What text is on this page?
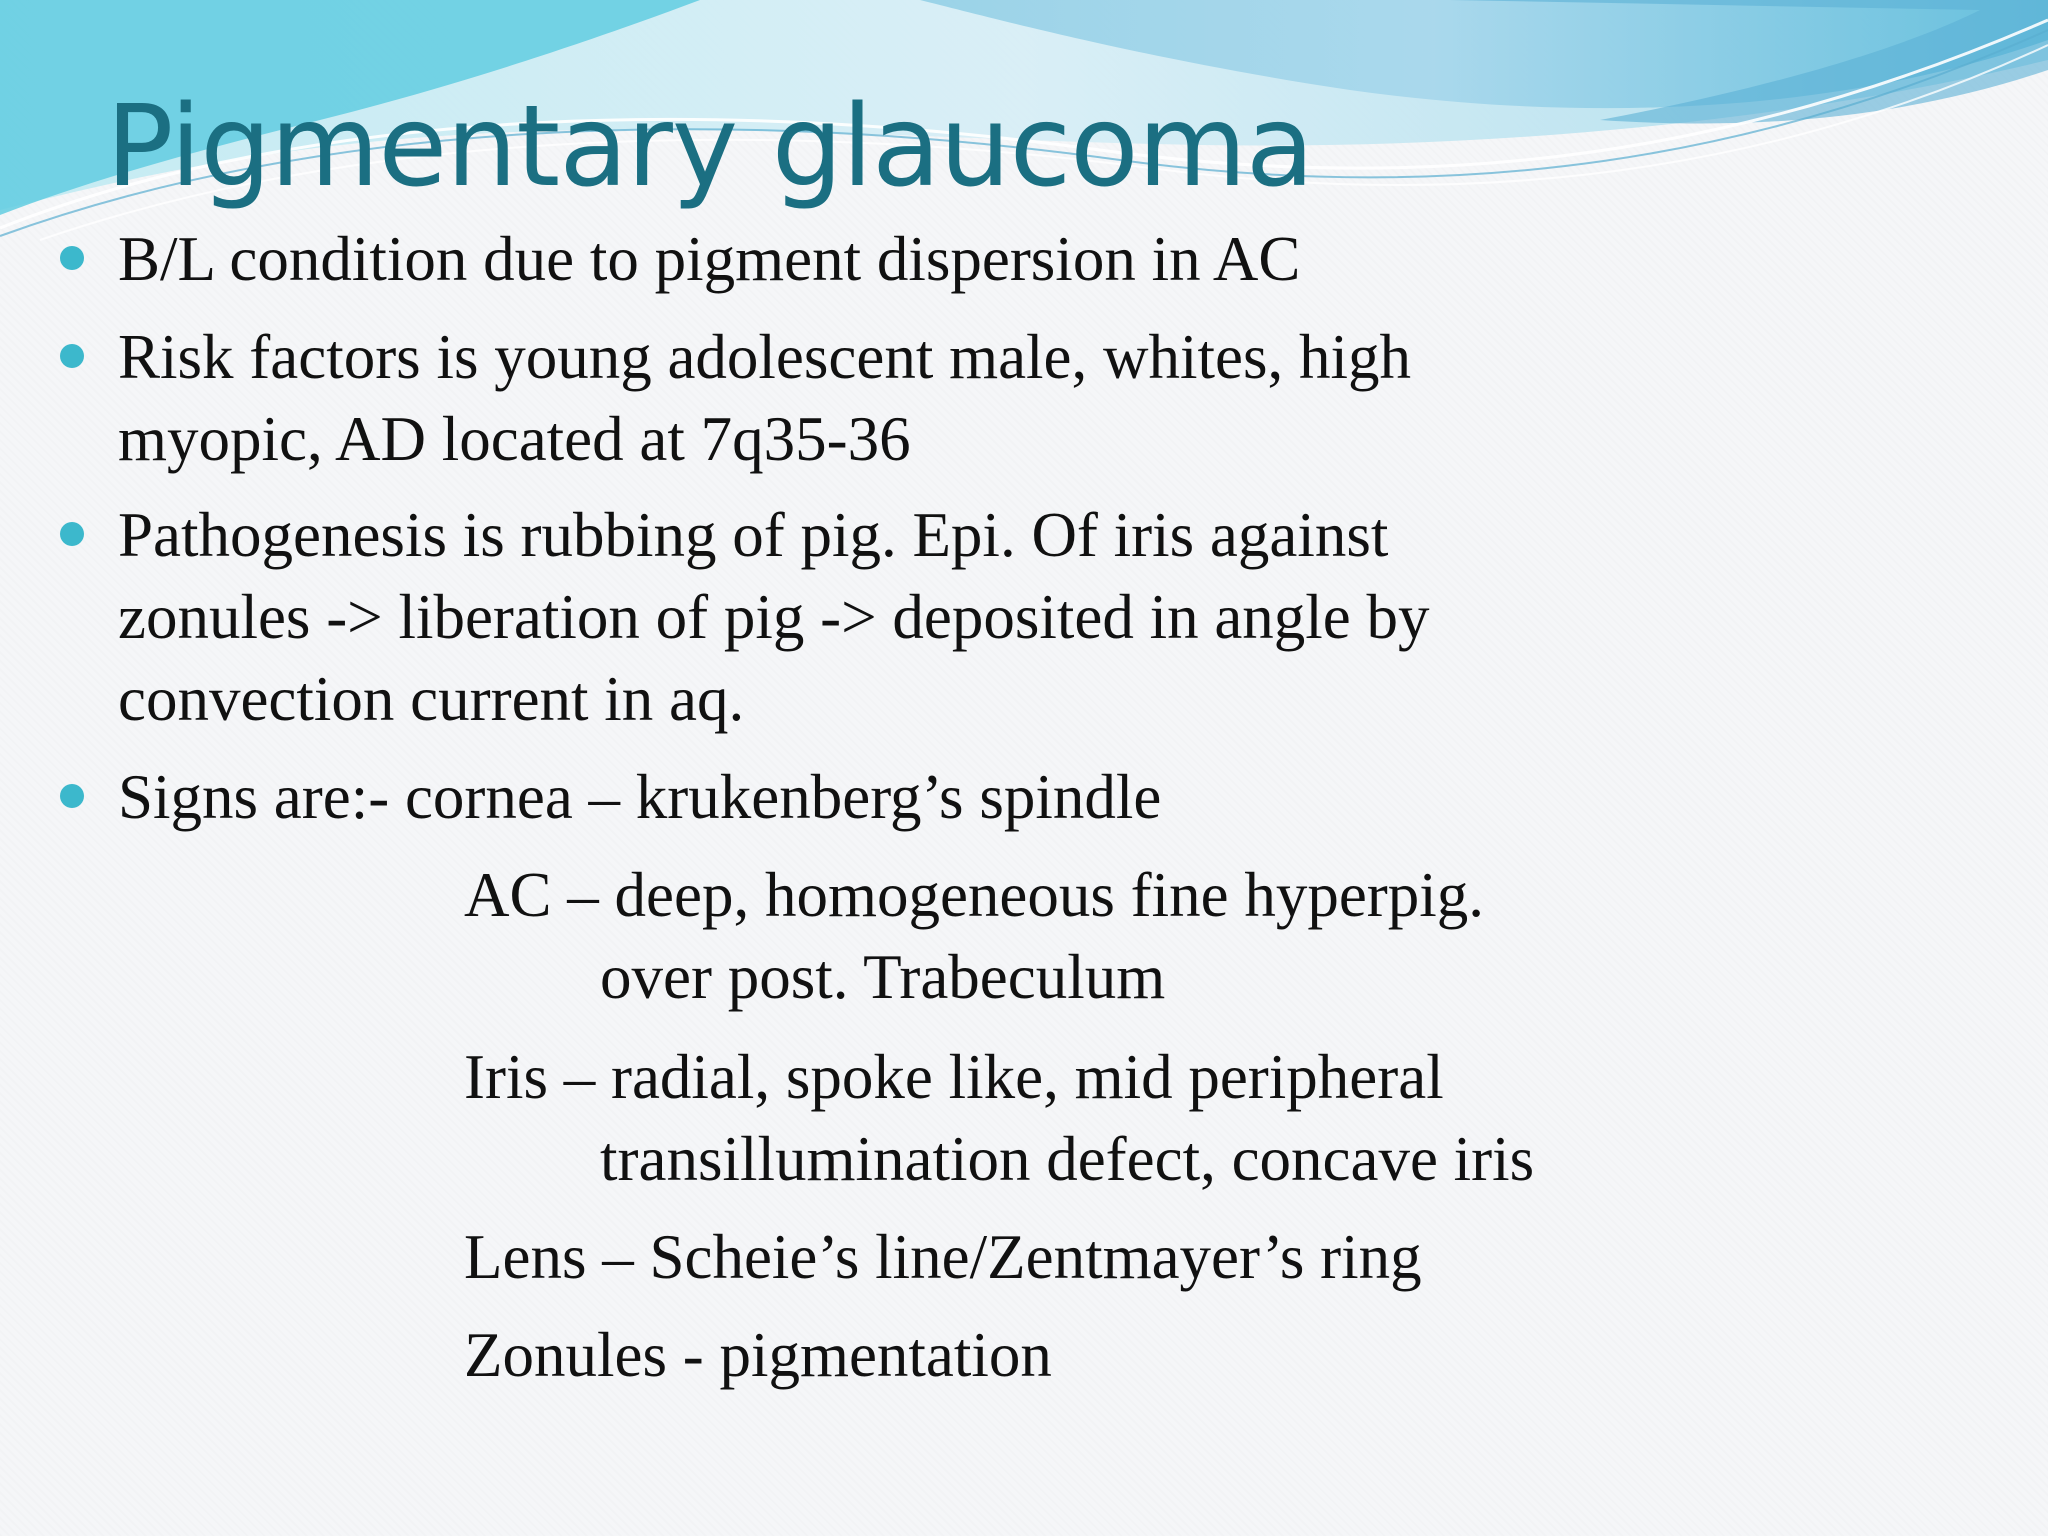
Pigmentary glaucoma
B/L condition due to pigment dispersion in AC
Risk factors is young adolescent male, whites, high
myopic, AD located at 7q35-36
Pathogenesis is rubbing of pig. Epi. Of iris against
zonules -> liberation of pig -> deposited in angle by
convection current in aq.
Signs are:- cornea – krukenberg’s spindle
AC – deep, homogeneous fine hyperpig.
over post. Trabeculum
Iris – radial, spoke like, mid peripheral
transillumination defect, concave iris
Lens – Scheie’s line/Zentmayer’s ring
Zonules - pigmentation
